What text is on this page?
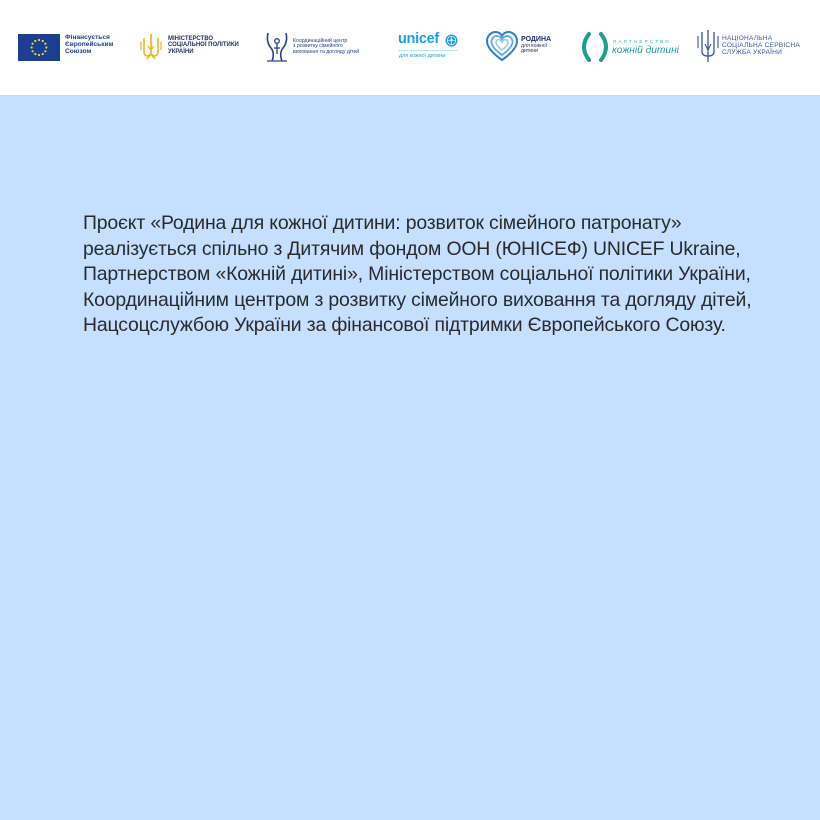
Фінансується
Європейським
Союзом
МІНІСТЕРСТВО
СОЦІАЛЬНОЇ ПОЛІТИКИ
УКРАЇНИ
Координаційний центр
з розвитку сімейного
виховання та догляду дітей
unicef
для кожної дитини
РОДИНА
для кожної
дитини
ПАРТНЕРСТВО
кожній дитині
НАЦІОНАЛЬНА
СОЦІАЛЬНА СЕРВІСНА
СЛУЖБА УКРАЇНИ

Проєкт «Родина для кожної дитини: розвиток сімейного патронату» реалізується спільно з Дитячим фондом ООН (ЮНІСЕФ) UNICEF Ukraine, Партнерством «Кожній дитині», Міністерством соціальної політики України, Координаційним центром з розвитку сімейного виховання та догляду дітей, Нацсоцслужбою України за фінансової підтримки Європейського Союзу.
